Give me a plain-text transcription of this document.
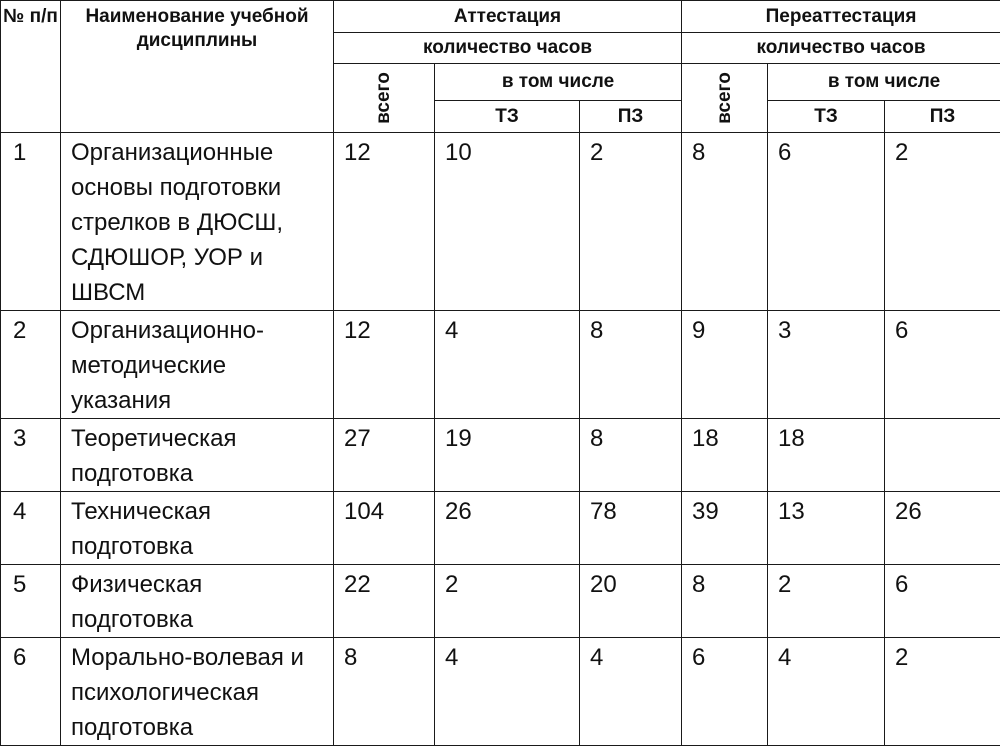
№ п/п	Наименование учебной дисциплины	Аттестация			Переаттестация		
		количество часов			количество часов		
		всего	в том числе		всего	в том числе	
			ТЗ	ПЗ		ТЗ	ПЗ
1	Организационные основы подготовки стрелков в ДЮСШ, СДЮШОР, УОР и ШВСМ	12	10	2	8	6	2
2	Организационно-методические указания	12	4	8	9	3	6
3	Теоретическая подготовка	27	19	8	18	18	
4	Техническая подготовка	104	26	78	39	13	26
5	Физическая подготовка	22	2	20	8	2	6
6	Морально-волевая и психологическая подготовка	8	4	4	6	4	2
